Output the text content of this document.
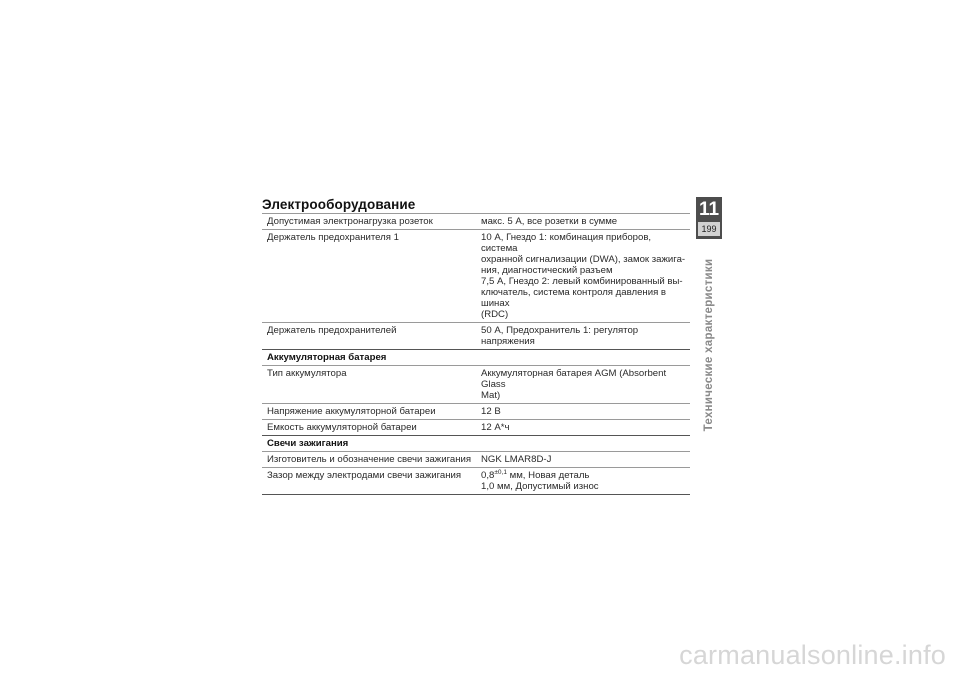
Электрооборудование
Допустимая электронагрузка розеток	макс. 5 А, все розетки в сумме
Держатель предохранителя 1	10 А, Гнездо 1: комбинация приборов, система
охранной сигнализации (DWA), замок зажига-
ния, диагностический разъем
7,5 А, Гнездо 2: левый комбинированный вы-
ключатель, система контроля давления в шинах
(RDC)
Держатель предохранителей	50 А, Предохранитель 1: регулятор напряжения
Аккумуляторная батарея
Тип аккумулятора	Аккумуляторная батарея AGM (Absorbent Glass
Mat)
Напряжение аккумуляторной батареи	12 В
Емкость аккумуляторной батареи	12 А*ч
Свечи зажигания
Изготовитель и обозначение свечи зажигания	NGK LMAR8D-J
Зазор между электродами свечи зажигания	$0,8^{\pm 0,1}$ мм, Новая деталь
1,0 мм, Допустимый износ
11
199
Технические характеристики
carmanualsonline.info
